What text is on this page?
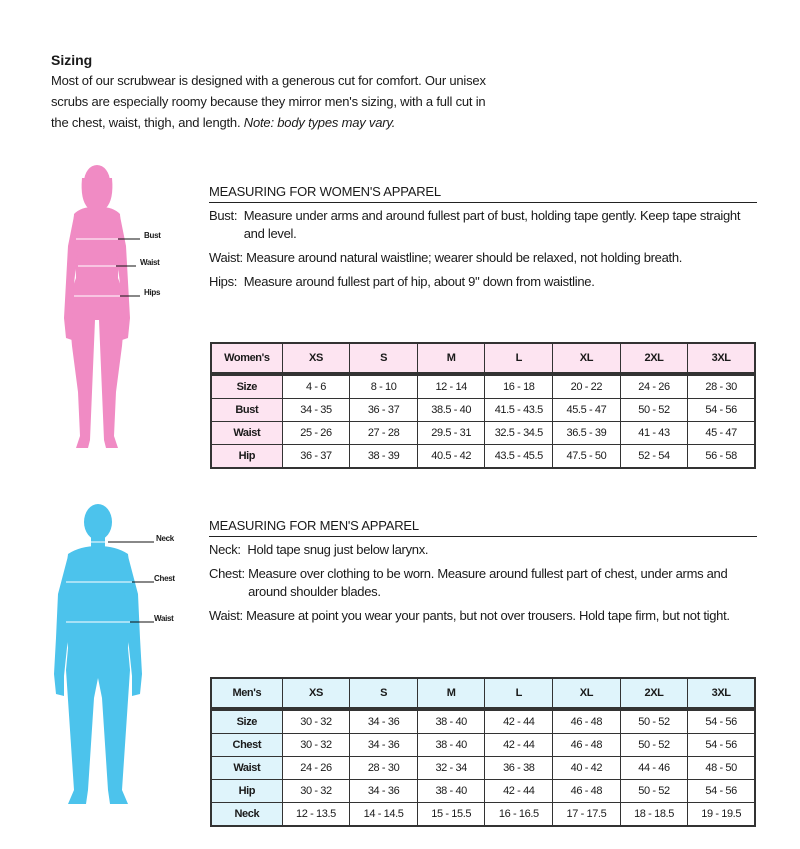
Sizing

Most of our scrubwear is designed with a generous cut for comfort. Our unisex
scrubs are especially roomy because they mirror men's sizing, with a full cut in
the chest, waist, thigh, and length. Note: body types may vary.

Bust
Waist
Hips
MEASURING FOR WOMEN'S APPAREL
Bust: Measure under arms and around fullest part of bust, holding tape gently. Keep tape straight and level.
Waist: Measure around natural waistline; wearer should be relaxed, not holding breath.
Hips: Measure around fullest part of hip, about 9" down from waistline.
Women's	XS	S	M	L	XL	2XL	3XL
Size	4 - 6	8 - 10	12 - 14	16 - 18	20 - 22	24 - 26	28 - 30
Bust	34 - 35	36 - 37	38.5 - 40	41.5 - 43.5	45.5 - 47	50 - 52	54 - 56
Waist	25 - 26	27 - 28	29.5 - 31	32.5 - 34.5	36.5 - 39	41 - 43	45 - 47
Hip	36 - 37	38 - 39	40.5 - 42	43.5 - 45.5	47.5 - 50	52 - 54	56 - 58
Neck
Chest
Waist
MEASURING FOR MEN'S APPAREL
Neck: Hold tape snug just below larynx.
Chest: Measure over clothing to be worn. Measure around fullest part of chest, under arms and around shoulder blades.
Waist: Measure at point you wear your pants, but not over trousers. Hold tape firm, but not tight.
Men's	XS	S	M	L	XL	2XL	3XL
Size	30 - 32	34 - 36	38 - 40	42 - 44	46 - 48	50 - 52	54 - 56
Chest	30 - 32	34 - 36	38 - 40	42 - 44	46 - 48	50 - 52	54 - 56
Waist	24 - 26	28 - 30	32 - 34	36 - 38	40 - 42	44 - 46	48 - 50
Hip	30 - 32	34 - 36	38 - 40	42 - 44	46 - 48	50 - 52	54 - 56
Neck	12 - 13.5	14 - 14.5	15 - 15.5	16 - 16.5	17 - 17.5	18 - 18.5	19 - 19.5
